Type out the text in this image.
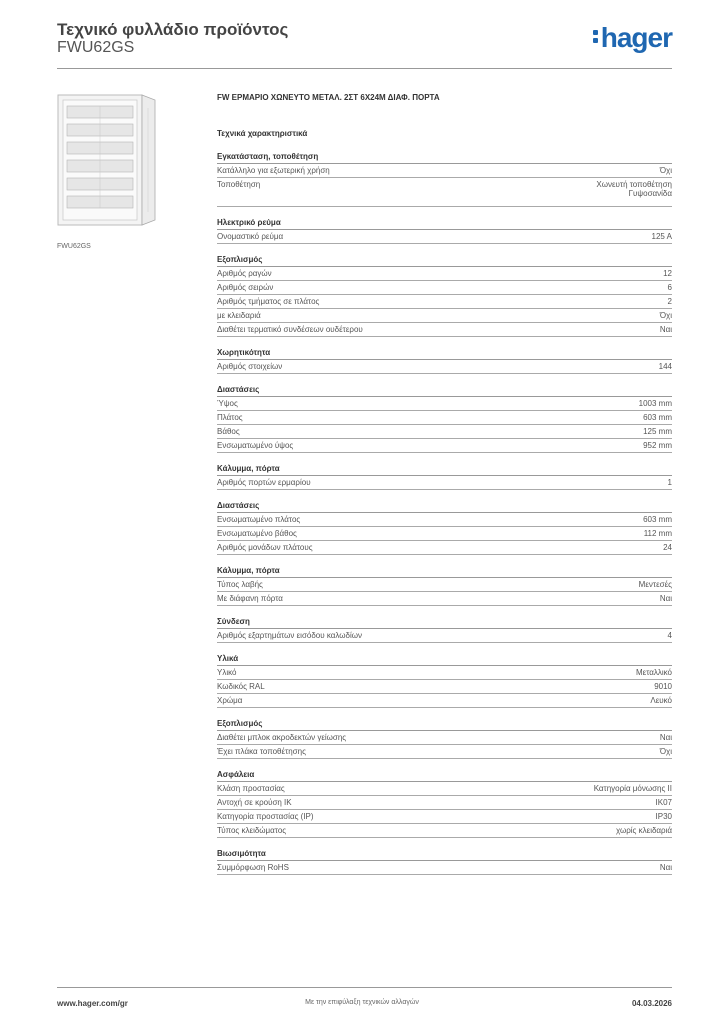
Τεχνικό φυλλάδιο προϊόντος
FWU62GS	hager
FWU62GS
FW ΕΡΜΑΡΙΟ ΧΩΝΕΥΤΟ ΜΕΤΑΛ. 2ΣΤ 6Χ24Μ ΔΙΑΦ. ΠΟΡΤΑ
Τεχνικά χαρακτηριστικά
Εγκατάσταση, τοποθέτηση
Κατάλληλο για εξωτερική χρήση	Όχι
Τοποθέτηση	Χωνευτή τοποθέτηση
Γυψοσανίδα
Ηλεκτρικό ρεύμα
Ονομαστικό ρεύμα	125 A
Εξοπλισμός
Αριθμός ραγών	12
Αριθμός σειρών	6
Αριθμός τμήματος σε πλάτος	2
με κλειδαριά	Όχι
Διαθέτει τερματικό συνδέσεων ουδέτερου	Ναι
Χωρητικότητα
Αριθμός στοιχείων	144
Διαστάσεις
Ύψος	1003 mm
Πλάτος	603 mm
Βάθος	125 mm
Ενσωματωμένο ύψος	952 mm
Κάλυμμα, πόρτα
Αριθμός πορτών ερμαρίου	1
Διαστάσεις
Ενσωματωμένο πλάτος	603 mm
Ενσωματωμένο βάθος	112 mm
Αριθμός μονάδων πλάτους	24
Κάλυμμα, πόρτα
Τύπος λαβής	Μεντεσές
Με διάφανη πόρτα	Ναι
Σύνδεση
Αριθμός εξαρτημάτων εισόδου καλωδίων	4
Υλικά
Υλικό	Μεταλλικό
Κωδικός RAL	9010
Χρώμα	Λευκό
Εξοπλισμός
Διαθέτει μπλοκ ακροδεκτών γείωσης	Ναι
Έχει πλάκα τοποθέτησης	Όχι
Ασφάλεια
Κλάση προστασίας	Κατηγορία μόνωσης II
Αντοχή σε κρούση IK	IK07
Κατηγορία προστασίας (IP)	IP30
Τύπος κλειδώματος	χωρίς κλειδαριά
Βιωσιμότητα
Συμμόρφωση RoHS	Ναι
www.hager.com/gr	Με την επιφύλαξη τεχνικών αλλαγών	04.03.2026
